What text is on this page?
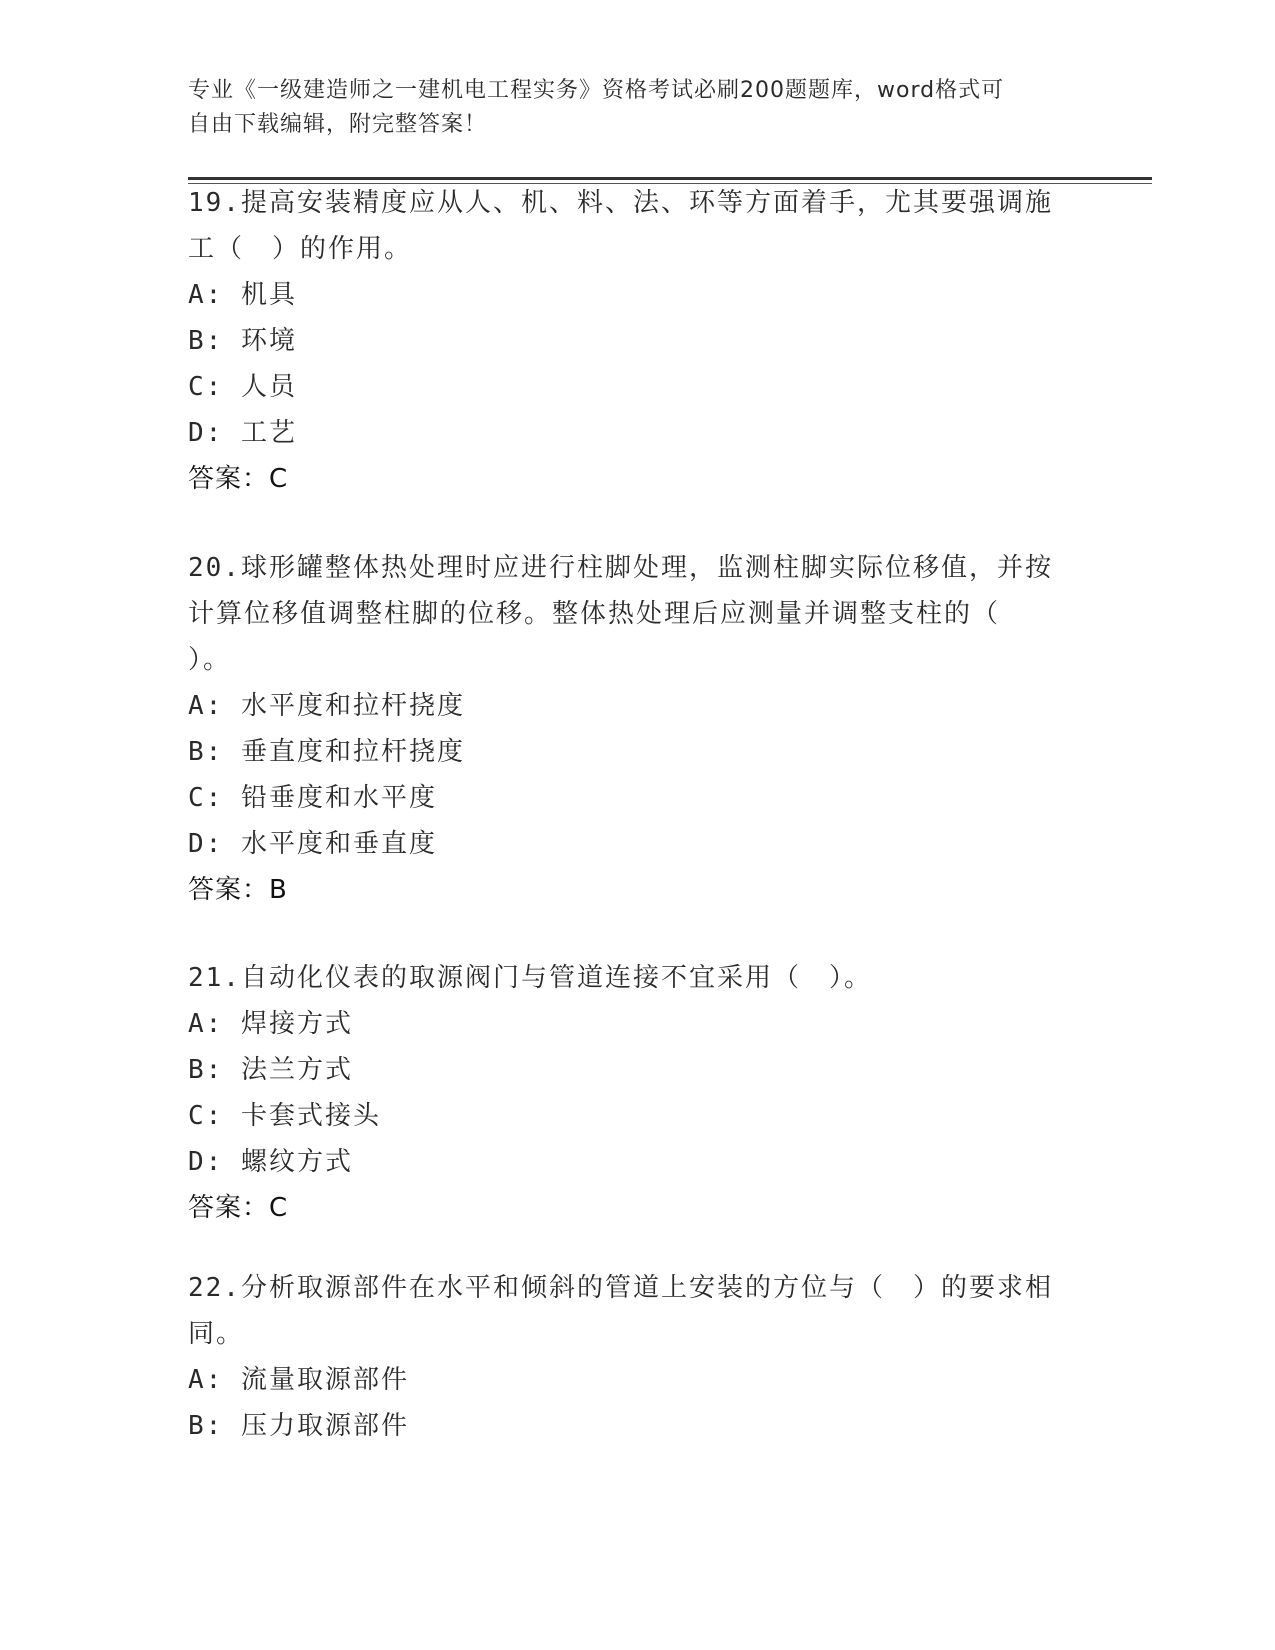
专业《一级建造师之一建机电工程实务》资格考试必刷200题题库，word格式可
自由下载编辑，附完整答案！
19.提高安装精度应从人、机、料、法、环等方面着手，尤其要强调施
工（　）的作用。
A: 机具
B: 环境
C: 人员
D: 工艺
答案：C
20.球形罐整体热处理时应进行柱脚处理，监测柱脚实际位移值，并按
计算位移值调整柱脚的位移。整体热处理后应测量并调整支柱的（
）。
A: 水平度和拉杆挠度
B: 垂直度和拉杆挠度
C: 铅垂度和水平度
D: 水平度和垂直度
答案：B
21.自动化仪表的取源阀门与管道连接不宜采用（　）。
A: 焊接方式
B: 法兰方式
C: 卡套式接头
D: 螺纹方式
答案：C
22.分析取源部件在水平和倾斜的管道上安装的方位与（　）的要求相
同。
A: 流量取源部件
B: 压力取源部件
